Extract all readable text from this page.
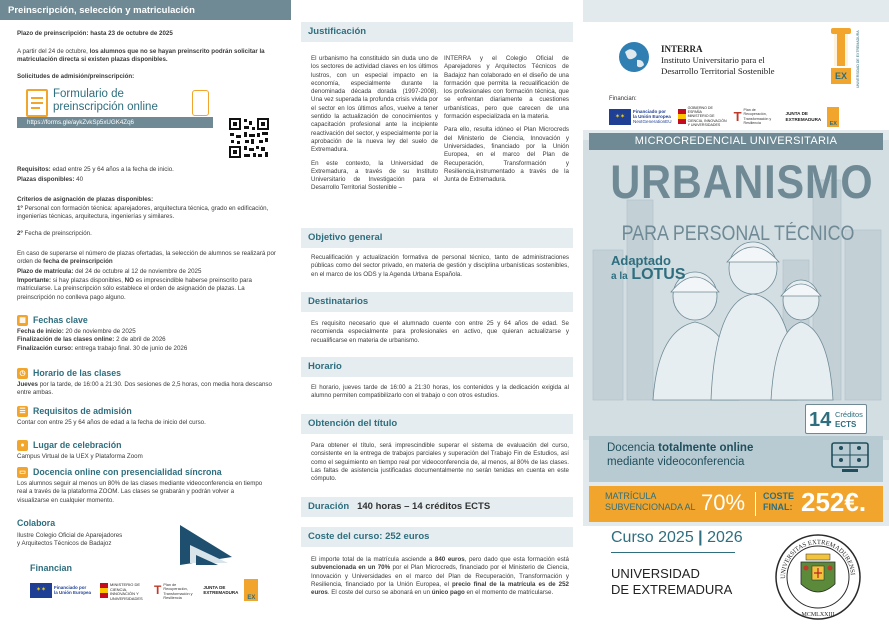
Preinscripción, selección y matriculación
Plazo de preinscripción: hasta 23 de octubre de 2025
A partir del 24 de octubre, los alumnos que no se hayan preinscrito podrán solicitar la matriculación directa si existen plazas disponibles.
Solicitudes de admisión/preinscripción:
Formulario de
preinscripción online
https://forms.gle/aykZvkSp5xUGK4Zq6
Requisitos: edad entre 25 y 64 años a la fecha de inicio.
Plazas disponibles: 40
Criterios de asignación de plazas disponibles:
1º Personal con formación técnica: aparejadores, arquitectura técnica, grado en edificación, ingenierías técnicas, arquitectura, ingenierías y similares.
2º Fecha de preinscripción.
En caso de superarse el número de plazas ofertadas, la selección de alumnos se realizará por orden de fecha de preinscripción
Plazo de matrícula: del 24 de octubre al 12 de noviembre de 2025
Importante: si hay plazas disponibles, NO es imprescindible haberse preinscrito para matricularse. La preinscripción sólo establece el orden de asignación de plazas. La preinscripción no conlleva pago alguno.
▦ Fechas clave
Fecha de inicio: 20 de noviembre de 2025
Finalización de las clases online: 2 de abril de 2026
Finalización curso: entrega trabajo final. 30 de junio de 2026
◷ Horario de las clases
Jueves por la tarde, de 16:00 a 21:30. Dos sesiones de 2,5 horas, con media hora descanso entre ambas.
☰ Requisitos de admisión
Contar con entre 25 y 64 años de edad a la fecha de inicio del curso.
● Lugar de celebración
Campus Virtual de la UEX y Plataforma Zoom
▭ Docencia online con presencialidad síncrona
Los alumnos seguir al menos un 80% de las clases mediante videoconferencia en tiempo real a través de la plataforma ZOOM. Las clases se grabarán y podrán volver a visualizarse en cualquier momento.
Colabora
Ilustre Colegio Oficial de Aparejadores
y Arquitectos Técnicos de Badajoz
Financian
✶✶	Financiado por
la Unión Europea
MINISTERIO DE CIENCIA, INNOVACIÓN Y UNIVERSIDADES
T Plan de Recuperación, Transformación y Resiliencia
JUNTA DE
EXTREMADURA
EX
Justificación
El urbanismo ha constituido sin duda uno de los sectores de actividad claves en los últimos lustros, con un especial impacto en la economía, especialmente durante la denominada década dorada (1997-2008). Una vez superada la profunda crisis vivida por el sector en los últimos años, vuelve a tener sentido la actualización de conocimientos y capacitación profesional ante la incipiente reactivación del sector, y especialmente por la aprobación de la nueva ley del suelo de Extremadura.
En este contexto, la Universidad de Extremadura, a través de su Instituto Universitario de Investigación para el Desarrollo Territorial Sostenible –
INTERRA y el Colegio Oficial de Aparejadores y Arquitectos Técnicos de Badajoz han colaborado en el diseño de una formación que permita la recualificación de los profesionales con formación técnica, que se enfrentan diariamente a cuestiones urbanísticas, pero que carecen de una formación especializada en la materia.
Para ello, resulta idóneo el Plan Microcreds del Ministerio de Ciencia, Innovación y Universidades, financiado por la Unión Europea, en el marco del Plan de Recuperación, Transformación y Resiliencia,instrumentado a través de la Junta de Extremadura.
Objetivo general
Recualificación y actualización formativa de personal técnico, tanto de administraciones públicas como del sector privado, en materia de gestión y disciplina urbanísticas sostenibles, en el marco de los ODS y la Agenda Urbana Española.
Destinatarios
Es requisito necesario que el alumnado cuente con entre 25 y 64 años de edad. Se recomienda especialmente para profesionales en activo, que quieran actualizarse y recualificarse en materia de urbanismo.
Horario
El horario, jueves tarde de 16:00 a 21:30 horas, los contenidos y la dedicación exigida al alumno permiten compatibilizarlo con el trabajo o con otros estudios.
Obtención del título
Para obtener el título, será imprescindible superar el sistema de evaluación del curso, consistente en la entrega de trabajos parciales y superación del Trabajo Fin de Estudios, así como el seguimiento en tiempo real por videoconferencia de, al menos, al 80% de las clases. Las faltas de asistencia justificadas documentalmente no serán tenidas en cuenta en este cómputo.
Duración 140 horas – 14 créditos ECTS
Coste del curso: 252 euros
El importe total de la matrícula asciende a 840 euros, pero dado que esta formación está subvencionada en un 70% por el Plan Microcreds, financiado por el Ministerio de Ciencia, Innovación y Universidades en el marco del Plan de Recuperación, Transformación y Resiliencia, financiado por la Unión Europea, el precio final de la matrícula es de 252 euros. El coste del curso se abonará en un único pago en el momento de matricularse.
INTERRA
Instituto Universitario para el
Desarrollo Territorial Sostenible
EX	UNIVERSIDAD DE EXTREMADURA
Financian:
✶✶
Financiado por
la Unión Europea
NextGenerationEU
GOBIERNO DE ESPAÑA
MINISTERIO DE CIENCIA, INNOVACIÓN Y UNIVERSIDADES
T Plan de Recuperación, Transformación y Resiliencia
JUNTA DE
EXTREMADURA
EX
MICROCREDENCIAL UNIVERSITARIA
URBANISMO
PARA PERSONAL TÉCNICO
Adaptado
a la LOTUS
14 Créditos
ECTS
Docencia totalmente online
mediante videoconferencia
MATRÍCULA
SUBVENCIONADA AL 70% COSTE
FINAL: 252€.
Curso 2025 | 2026
UNIVERSIDAD
DE EXTREMADURA
UNIVERSITAS EXTREMADURENSI
MCMLXXIII
